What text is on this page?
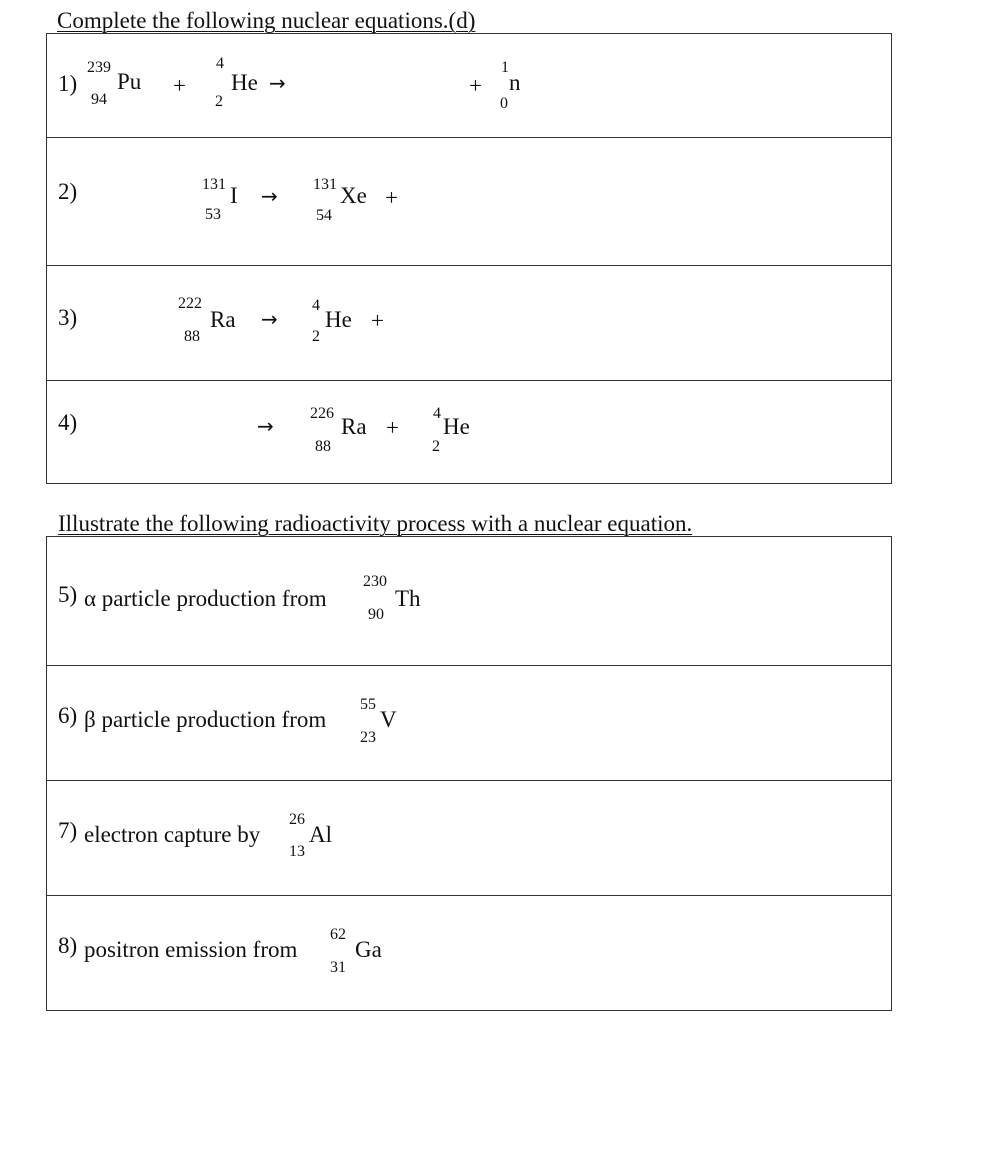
Complete the following nuclear equations.(d)
1)
239
Pu
94
+
4
He
2
→	+
1
n
0
2)	131 I
53
→ 131 Xe
54
+
3)
222
Ra
88
→
4
He
2
+
4)	→
226
Ra
88
+
4
He
2
Illustrate the following radioactivity process with a nuclear equation.
5) α particle production from
230
Th
90
6) β particle production from
55
V
23
7) electron capture by
26
Al
13
8) positron emission from
62
Ga
31
